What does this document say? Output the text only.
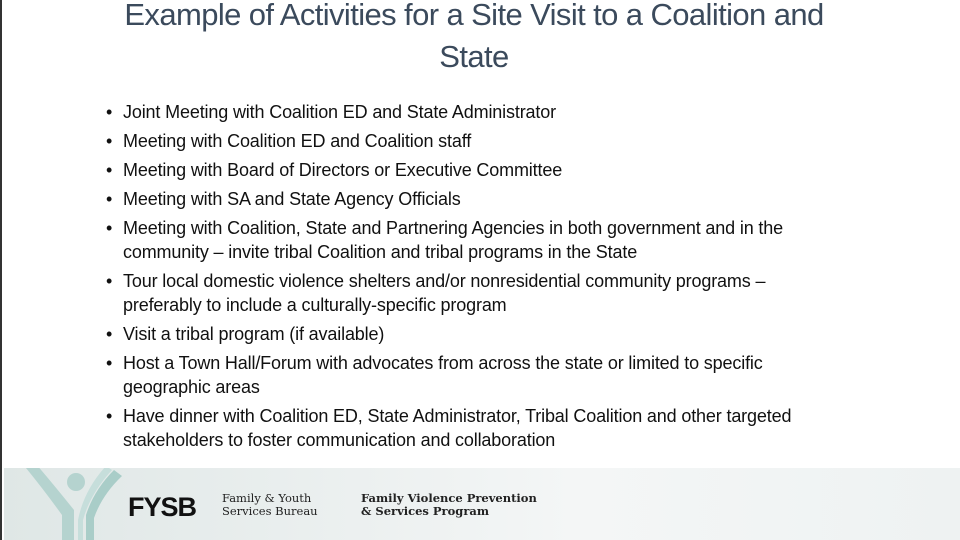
Example of Activities for a Site Visit to a Coalition and
State
• Joint Meeting with Coalition ED and State Administrator
• Meeting with Coalition ED and Coalition staff
• Meeting with Board of Directors or Executive Committee
• Meeting with SA and State Agency Officials
• Meeting with Coalition, State and Partnering Agencies in both government and in the
community – invite tribal Coalition and tribal programs in the State
• Tour local domestic violence shelters and/or nonresidential community programs –
preferably to include a culturally-specific program
• Visit a tribal program (if available)
• Host a Town Hall/Forum with advocates from across the state or limited to specific
geographic areas
• Have dinner with Coalition ED, State Administrator, Tribal Coalition and other targeted
stakeholders to foster communication and collaboration
FYSB Family & Youth
Services Bureau
Family Violence Prevention
& Services Program
